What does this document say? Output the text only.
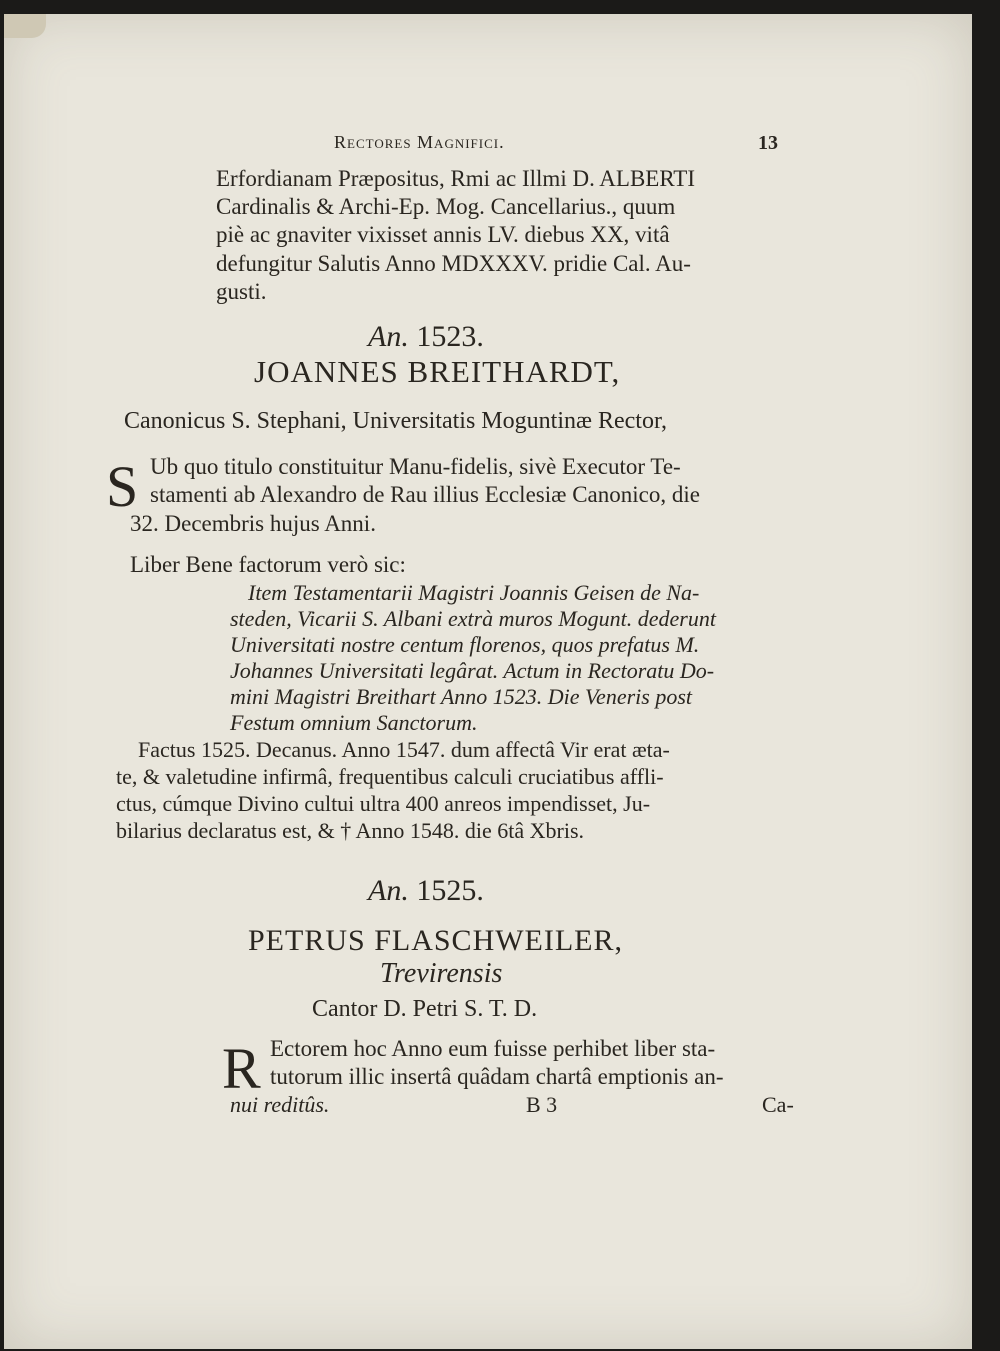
Rectores Magnifici.	13
Erfordianam Præpositus, Rmi ac Illmi D. ALBERTI
Cardinalis & Archi-Ep. Mog. Cancellarius., quum
piè ac gnaviter vixisset annis LV. diebus XX, vitâ
defungitur Salutis Anno MDXXXV. pridie Cal. Au-
gusti.
An. 1523.
JOANNES BREITHARDT,
Canonicus S. Stephani, Universitatis Moguntinæ Rector,
S Ub quo titulo constituitur Manu-fidelis, sivè Executor Te-
stamenti ab Alexandro de Rau illius Ecclesiæ Canonico, die
32. Decembris hujus Anni.
Liber Bene factorum verò sic:
Item Testamentarii Magistri Joannis Geisen de Na-
steden, Vicarii S. Albani extrà muros Mogunt. dederunt
Universitati nostre centum florenos, quos prefatus M.
Johannes Universitati legârat. Actum in Rectoratu Do-
mini Magistri Breithart Anno 1523. Die Veneris post
Festum omnium Sanctorum.
Factus 1525. Decanus. Anno 1547. dum affectâ Vir erat æta-
te, & valetudine infirmâ, frequentibus calculi cruciatibus affli-
ctus, cúmque Divino cultui ultra 400 anreos impendisset, Ju-
bilarius declaratus est, & † Anno 1548. die 6tâ Xbris.
An. 1525.
PETRUS FLASCHWEILER,
Trevirensis
Cantor D. Petri S. T. D.
R Ectorem hoc Anno eum fuisse perhibet liber sta-
tutorum illic insertâ quâdam chartâ emptionis an-
nui reditûs.	B 3	Ca-
